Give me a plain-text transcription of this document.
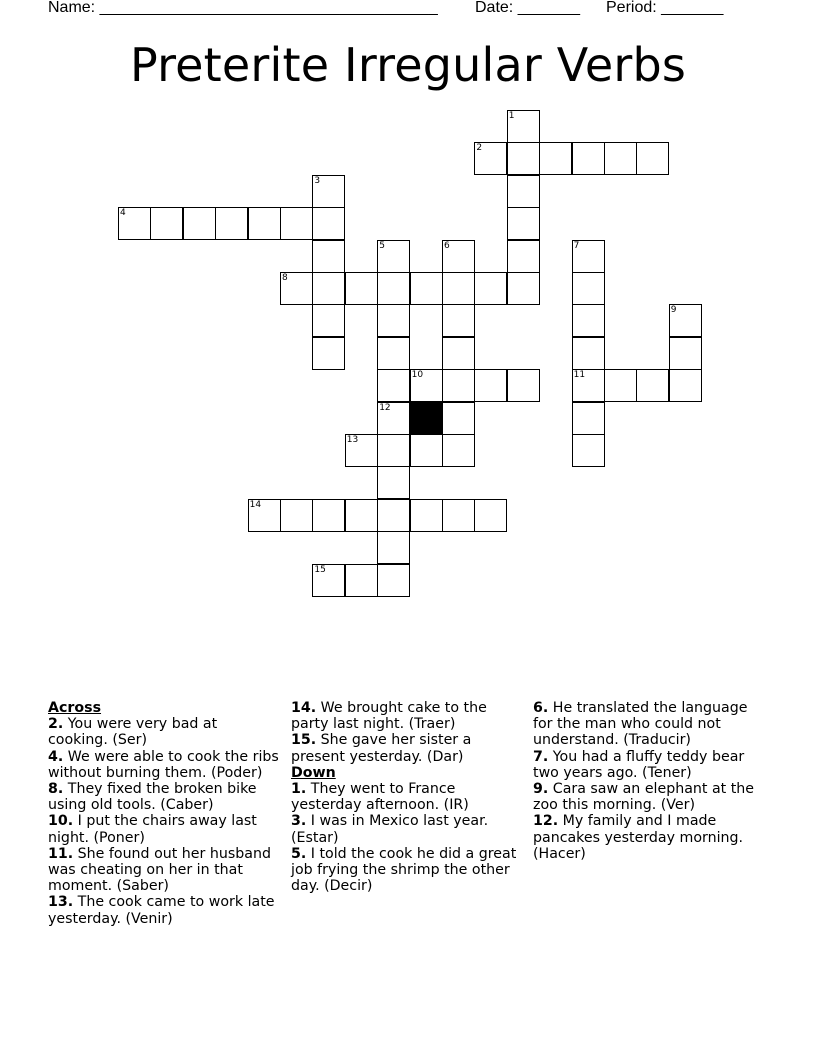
Name: ______________________________________ Date: _______ Period: _______
Preterite Irregular Verbs
2
4
8
10	11
13
14
15
1
3
5
12
6	7
9
Across
2. You were very bad at cooking. (Ser)
4. We were able to cook the ribs without burning them. (Poder)
8. They fixed the broken bike using old tools. (Caber)
10. I put the chairs away last night. (Poner)
11. She found out her husband was cheating on her in that moment. (Saber)
13. The cook came to work late yesterday. (Venir)
14. We brought cake to the party last night. (Traer)
15. She gave her sister a present yesterday. (Dar)
Down
1. They went to France yesterday afternoon. (IR)
3. I was in Mexico last year. (Estar)
5. I told the cook he did a great job frying the shrimp the other day. (Decir)
6. He translated the language for the man who could not understand. (Traducir)
7. You had a fluffy teddy bear two years ago. (Tener)
9. Cara saw an elephant at the zoo this morning. (Ver)
12. My family and I made pancakes yesterday morning. (Hacer)
